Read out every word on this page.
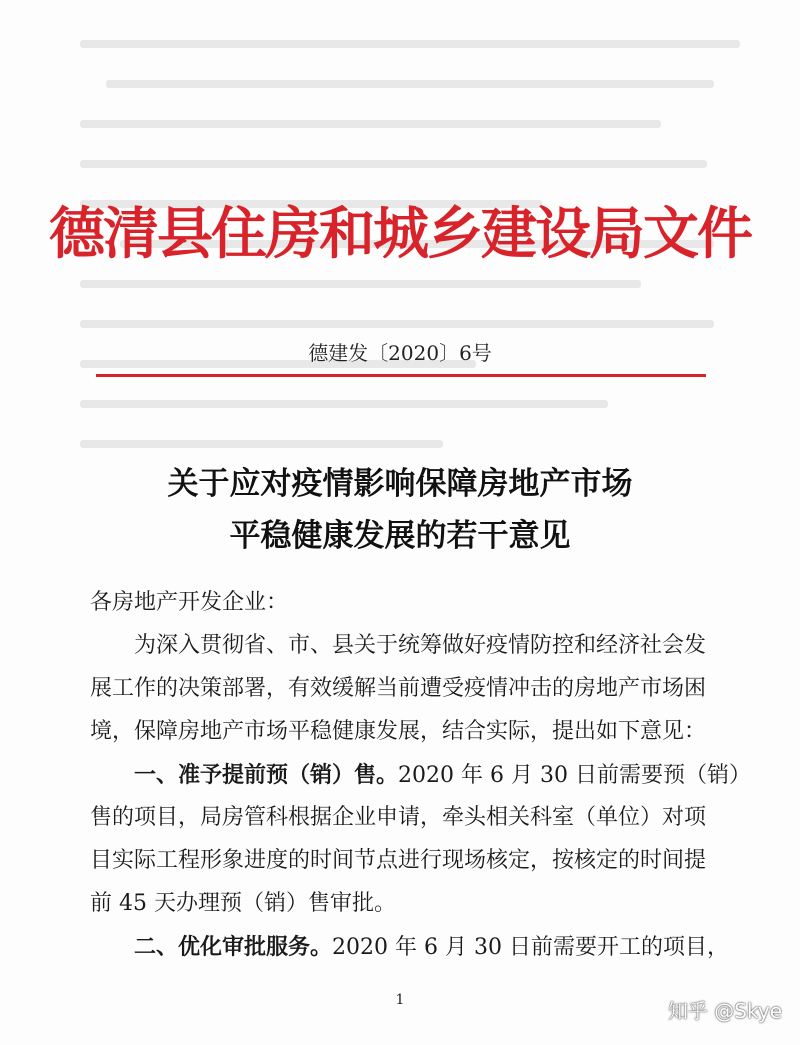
德清县住房和城乡建设局文件
德建发〔2020〕6号
关于应对疫情影响保障房地产市场
平稳健康发展的若干意见
各房地产开发企业：
为深入贯彻省、市、县关于统筹做好疫情防控和经济社会发
展工作的决策部署，有效缓解当前遭受疫情冲击的房地产市场困
境，保障房地产市场平稳健康发展，结合实际，提出如下意见：
一、准予提前预（销）售。2020 年 6 月 30 日前需要预（销）
售的项目，局房管科根据企业申请，牵头相关科室（单位）对项
目实际工程形象进度的时间节点进行现场核定，按核定的时间提
前 45 天办理预（销）售审批。
二、优化审批服务。2020 年 6 月 30 日前需要开工的项目，
1	知乎 @Skye
